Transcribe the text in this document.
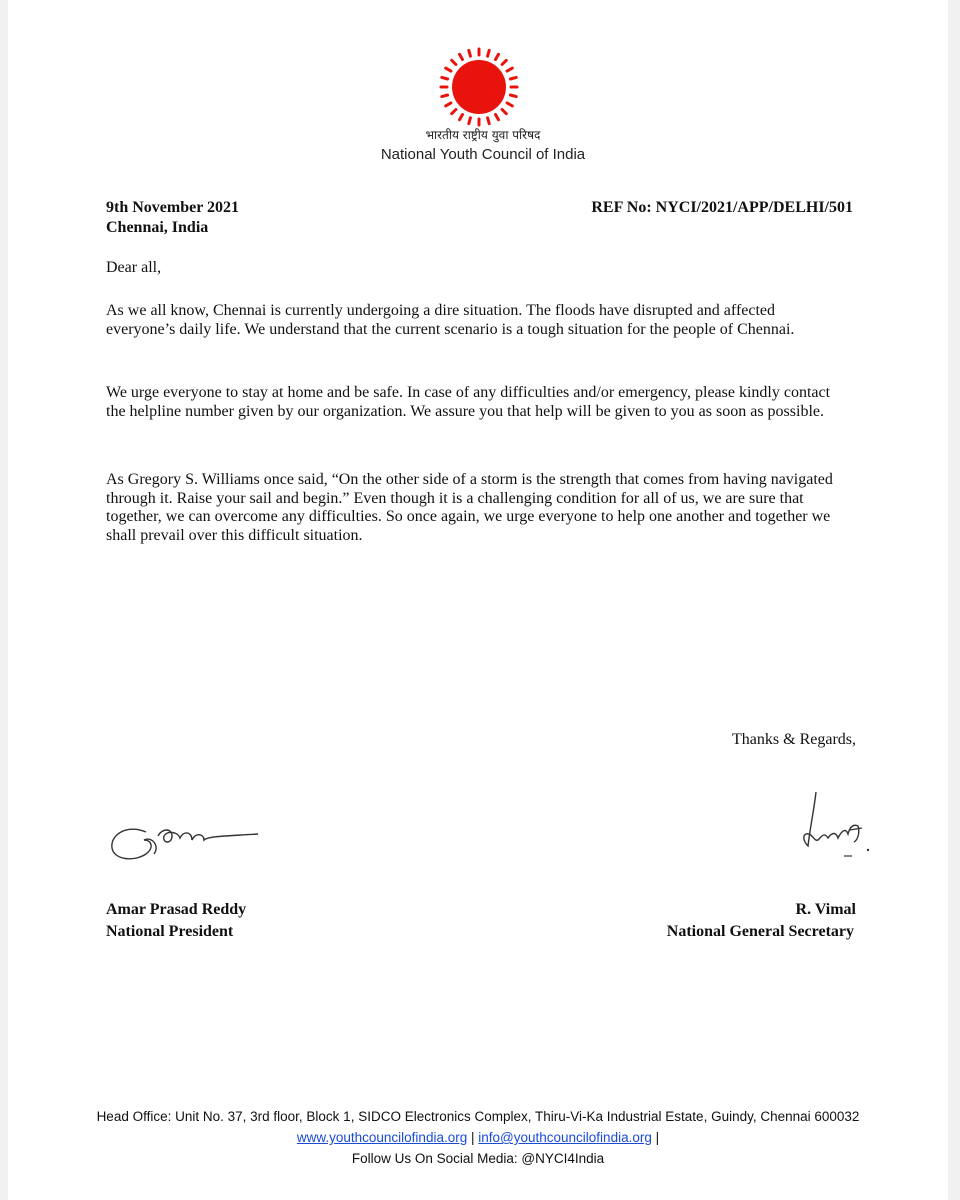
भारतीय राष्ट्रीय युवा परिषद
National Youth Council of India
9th November 2021
Chennai, India
REF No: NYCI/2021/APP/DELHI/501
Dear all,

As we all know, Chennai is currently undergoing a dire situation. The floods have disrupted and affected everyone’s daily life. We understand that the current scenario is a tough situation for the people of Chennai.

We urge everyone to stay at home and be safe. In case of any difficulties and/or emergency, please kindly contact the helpline number given by our organization. We assure you that help will be given to you as soon as possible.

As Gregory S. Williams once said, “On the other side of a storm is the strength that comes from having navigated through it. Raise your sail and begin.” Even though it is a challenging condition for all of us, we are sure that together, we can overcome any difficulties. So once again, we urge everyone to help one another and together we shall prevail over this difficult situation.

Thanks & Regards,
Amar Prasad Reddy
National President
R. Vimal
National General Secretary
Head Office: Unit No. 37, 3rd floor, Block 1, SIDCO Electronics Complex, Thiru-Vi-Ka Industrial Estate, Guindy, Chennai 600032
www.youthcouncilofindia.org | info@youthcouncilofindia.org |
Follow Us On Social Media: @NYCI4India
